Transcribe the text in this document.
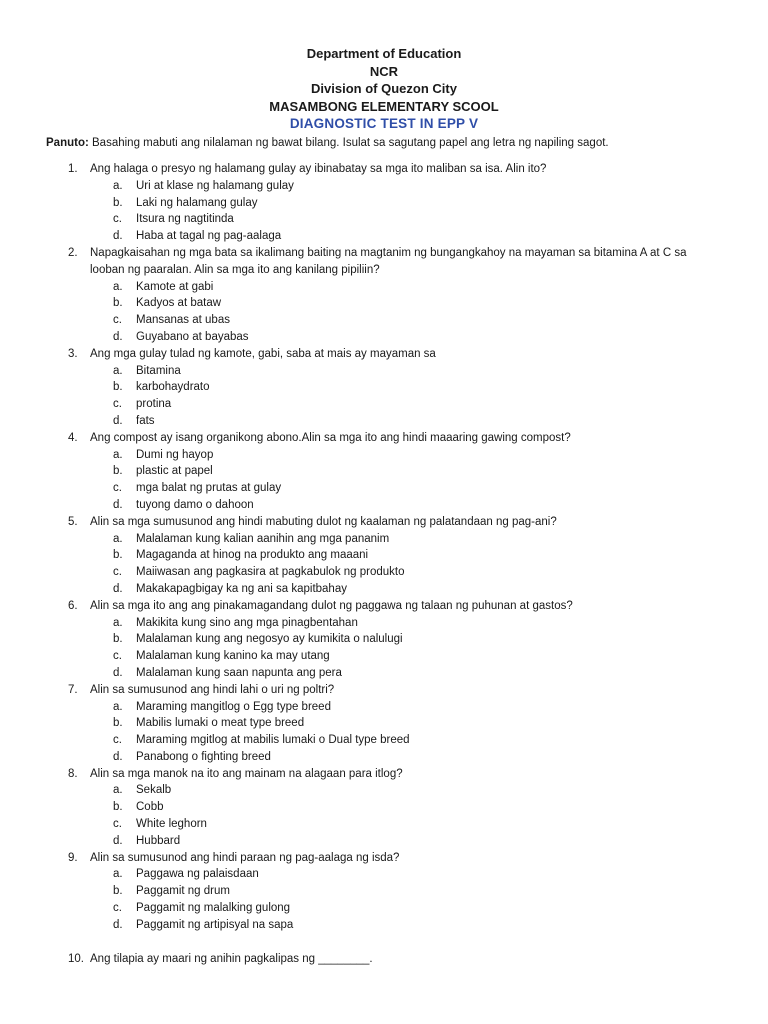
Department of Education
NCR
Division of Quezon City
MASAMBONG ELEMENTARY SCOOL
DIAGNOSTIC TEST IN EPP V
Panuto: Basahing mabuti ang nilalaman ng bawat bilang. Isulat sa sagutang papel ang letra ng napiling sagot.
1. Ang halaga o presyo ng halamang gulay ay ibinabatay sa mga ito maliban sa isa. Alin ito?
a. Uri at klase ng halamang gulay
b. Laki ng halamang gulay
c. Itsura ng nagtitinda
d. Haba at tagal ng pag-aalaga
2. Napagkaisahan ng mga bata sa ikalimang baiting na magtanim ng bungangkahoy na mayaman sa bitamina A at C sa looban ng paaralan. Alin sa mga ito ang kanilang pipiliin?
a. Kamote at gabi
b. Kadyos at bataw
c. Mansanas at ubas
d. Guyabano at bayabas
3. Ang mga gulay tulad ng kamote, gabi, saba at mais ay mayaman sa
a. Bitamina
b. karbohaydrato
c. protina
d. fats
4. Ang compost ay isang organikong abono.Alin sa mga ito ang hindi maaaring gawing compost?
a. Dumi ng hayop
b. plastic at papel
c. mga balat ng prutas at gulay
d. tuyong damo o dahoon
5. Alin sa mga sumusunod ang hindi mabuting dulot ng kaalaman ng palatandaan ng pag-ani?
a. Malalaman kung kalian aanihin ang mga pananim
b. Magaganda at hinog na produkto ang maaani
c. Maiiwasan ang pagkasira at pagkabulok ng produkto
d. Makakapagbigay ka ng ani sa kapitbahay
6. Alin sa mga ito ang ang pinakamagandang dulot ng paggawa ng talaan ng puhunan at gastos?
a. Makikita kung sino ang mga pinagbentahan
b. Malalaman kung ang negosyo ay kumikita o nalulugi
c. Malalaman kung kanino ka may utang
d. Malalaman kung saan napunta ang pera
7. Alin sa sumusunod ang hindi lahi o uri ng poltri?
a. Maraming mangitlog o Egg type breed
b. Mabilis lumaki o meat type breed
c. Maraming mgitlog at mabilis lumaki o Dual type breed
d. Panabong o fighting breed
8. Alin sa mga manok na ito ang mainam na alagaan para itlog?
a. Sekalb
b. Cobb
c. White leghorn
d. Hubbard
9. Alin sa sumusunod ang hindi paraan ng pag-aalaga ng isda?
a. Paggawa ng palaisdaan
b. Paggamit ng drum
c. Paggamit ng malalking gulong
d. Paggamit ng artipisyal na sapa
10. Ang tilapia ay maari ng anihin pagkalipas ng ________.
